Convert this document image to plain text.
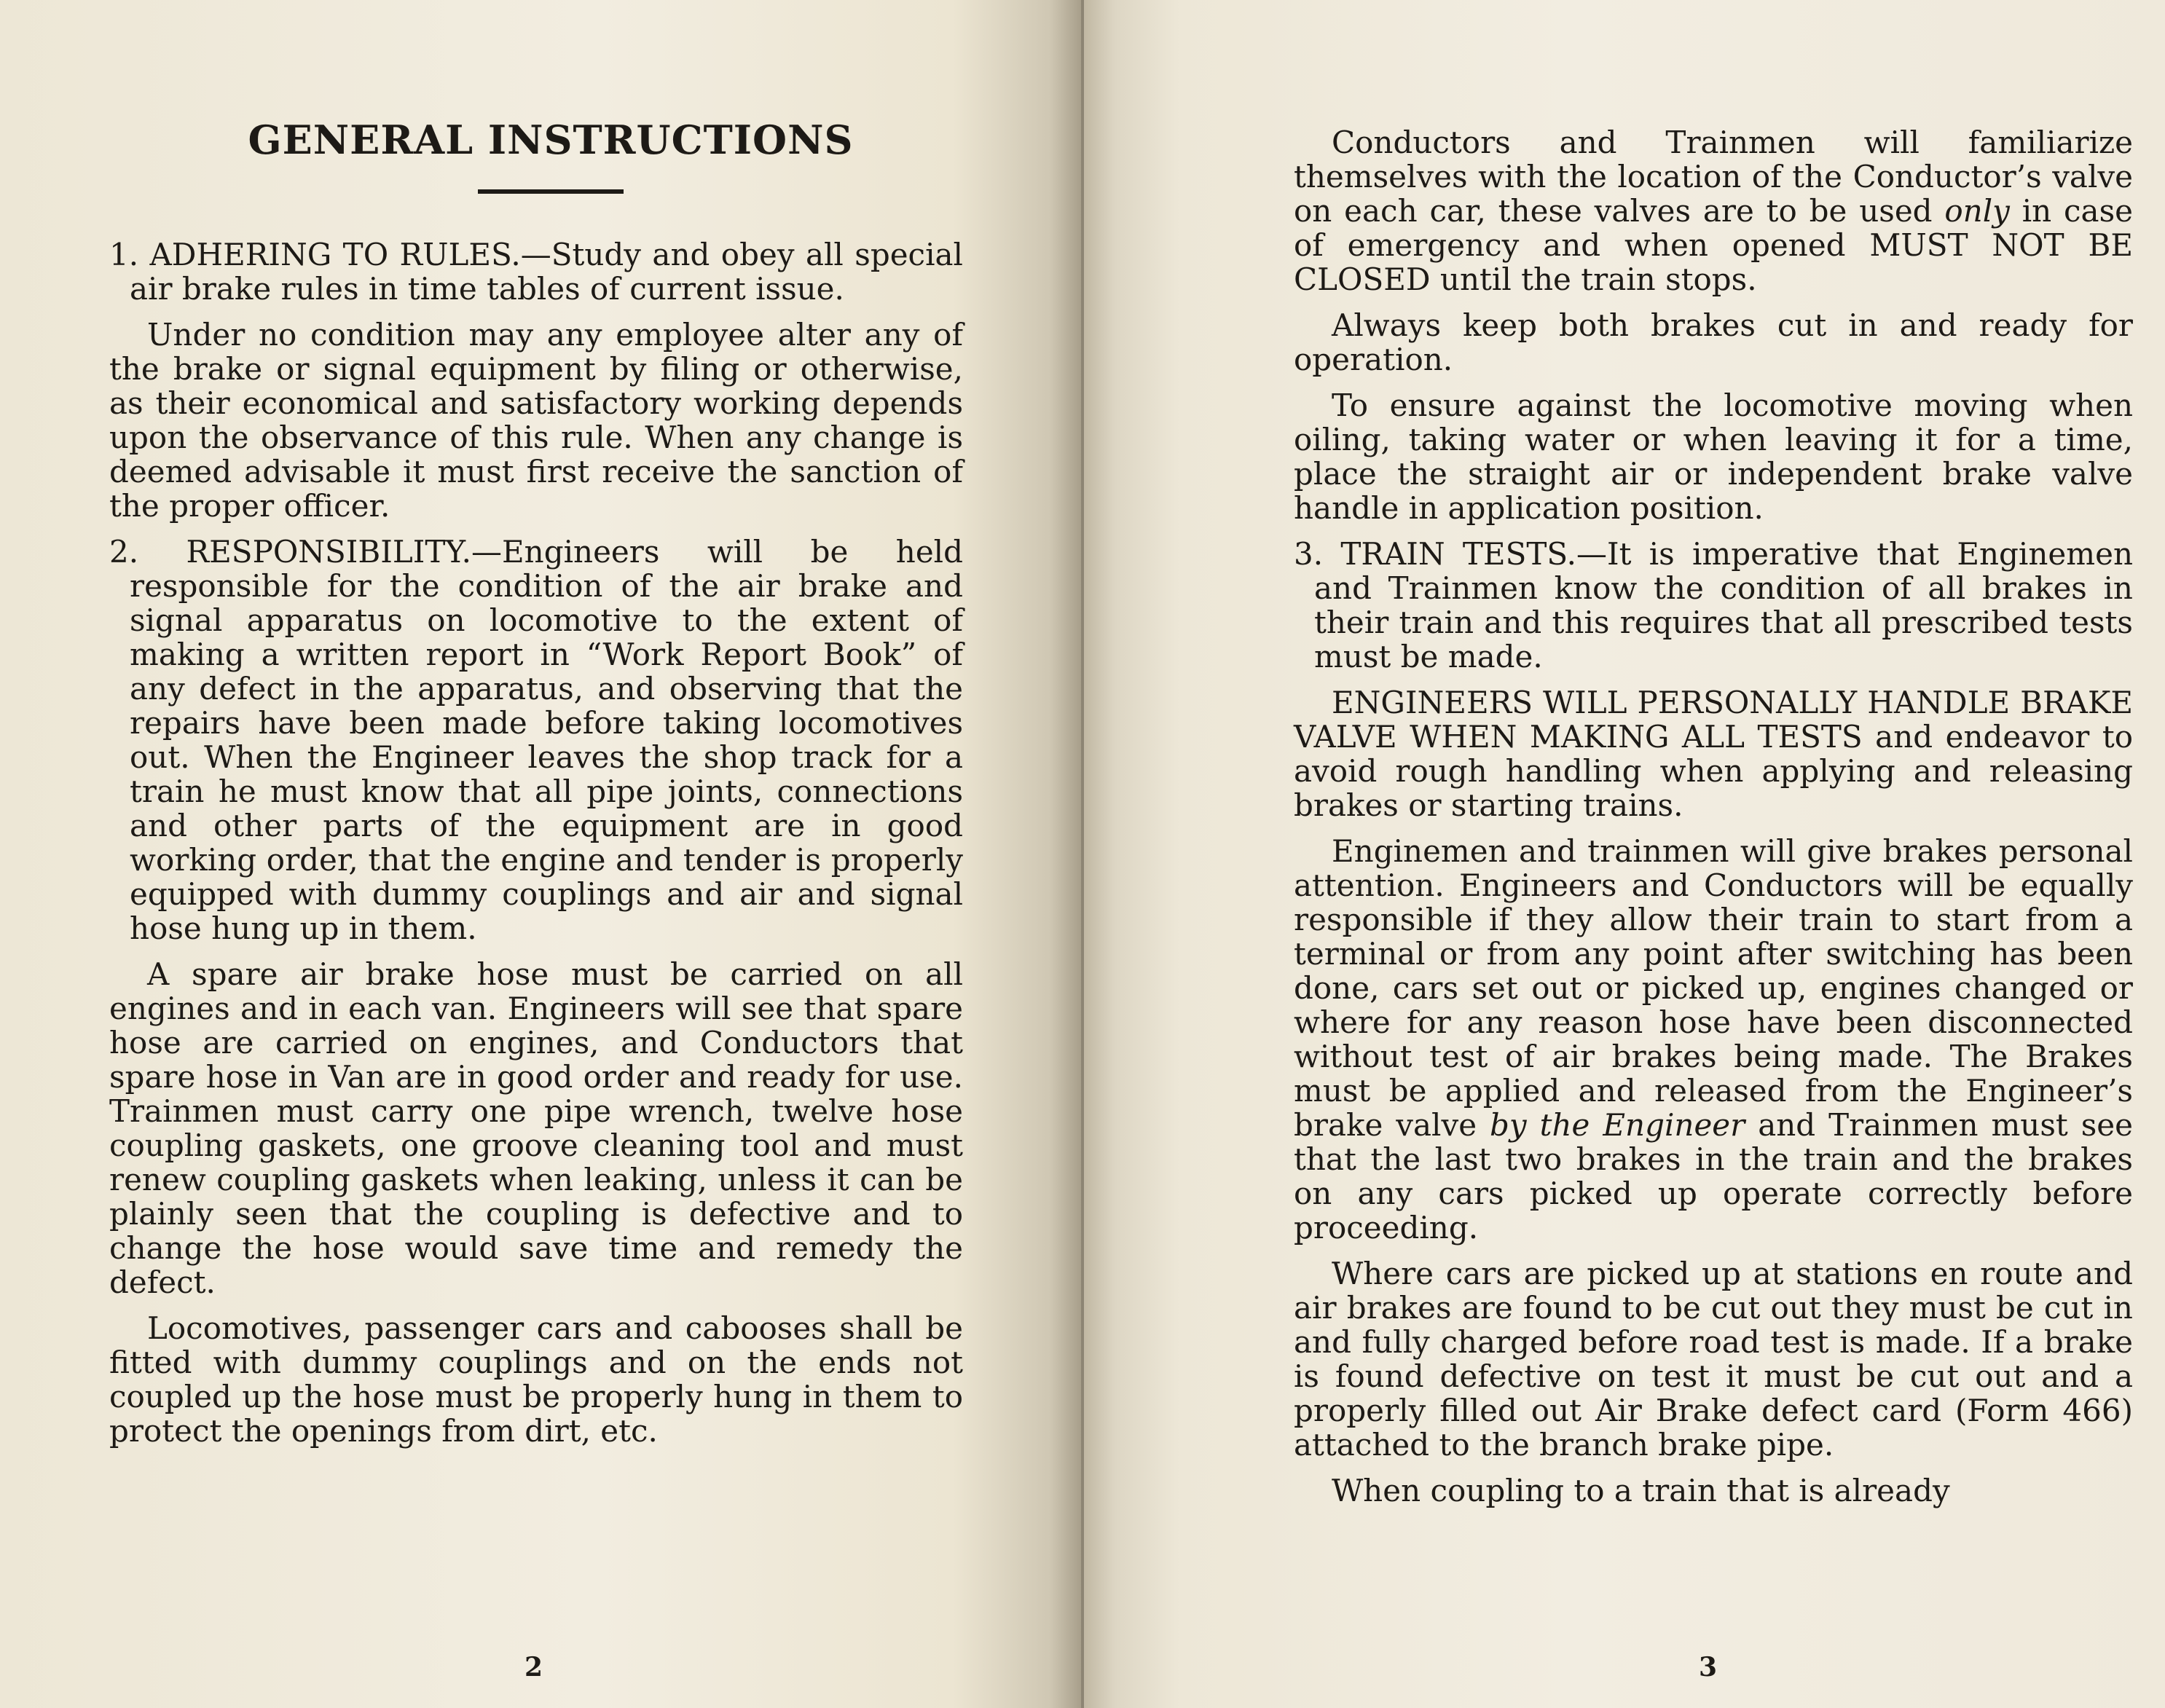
GENERAL INSTRUCTIONS

1. ADHERING TO RULES.—Study and obey all special air brake rules in time tables of current issue.

Under no condition may any employee alter any of the brake or signal equipment by filing or otherwise, as their economical and satisfactory working depends upon the observance of this rule. When any change is deemed advisable it must first receive the sanction of the proper officer.

2. RESPONSIBILITY.—Engineers will be held responsible for the condition of the air brake and signal apparatus on locomotive to the extent of making a written report in “Work Report Book” of any defect in the apparatus, and observing that the repairs have been made before taking locomotives out. When the Engineer leaves the shop track for a train he must know that all pipe joints, connections and other parts of the equipment are in good working order, that the engine and tender is properly equipped with dummy couplings and air and signal hose hung up in them.

A spare air brake hose must be carried on all engines and in each van. Engineers will see that spare hose are carried on engines, and Conductors that spare hose in Van are in good order and ready for use. Trainmen must carry one pipe wrench, twelve hose coupling gaskets, one groove cleaning tool and must renew coupling gaskets when leaking, unless it can be plainly seen that the coupling is defective and to change the hose would save time and remedy the defect.

Locomotives, passenger cars and cabooses shall be fitted with dummy couplings and on the ends not coupled up the hose must be properly hung in them to protect the openings from dirt, etc.

2

Conductors and Trainmen will familiarize themselves with the location of the Conductor’s valve on each car, these valves are to be used only in case of emergency and when opened MUST NOT BE CLOSED until the train stops.

Always keep both brakes cut in and ready for operation.

To ensure against the locomotive moving when oiling, taking water or when leaving it for a time, place the straight air or independent brake valve handle in application position.

3. TRAIN TESTS.—It is imperative that Enginemen and Trainmen know the condition of all brakes in their train and this requires that all prescribed tests must be made.

ENGINEERS WILL PERSONALLY HANDLE BRAKE VALVE WHEN MAKING ALL TESTS and endeavor to avoid rough handling when applying and releasing brakes or starting trains.

Enginemen and trainmen will give brakes personal attention. Engineers and Conductors will be equally responsible if they allow their train to start from a terminal or from any point after switching has been done, cars set out or picked up, engines changed or where for any reason hose have been disconnected without test of air brakes being made. The Brakes must be applied and released from the Engineer’s brake valve by the Engineer and Trainmen must see that the last two brakes in the train and the brakes on any cars picked up operate correctly before proceeding.

Where cars are picked up at stations en route and air brakes are found to be cut out they must be cut in and fully charged before road test is made. If a brake is found defective on test it must be cut out and a properly filled out Air Brake defect card (Form 466) attached to the branch brake pipe.

When coupling to a train that is already

3
